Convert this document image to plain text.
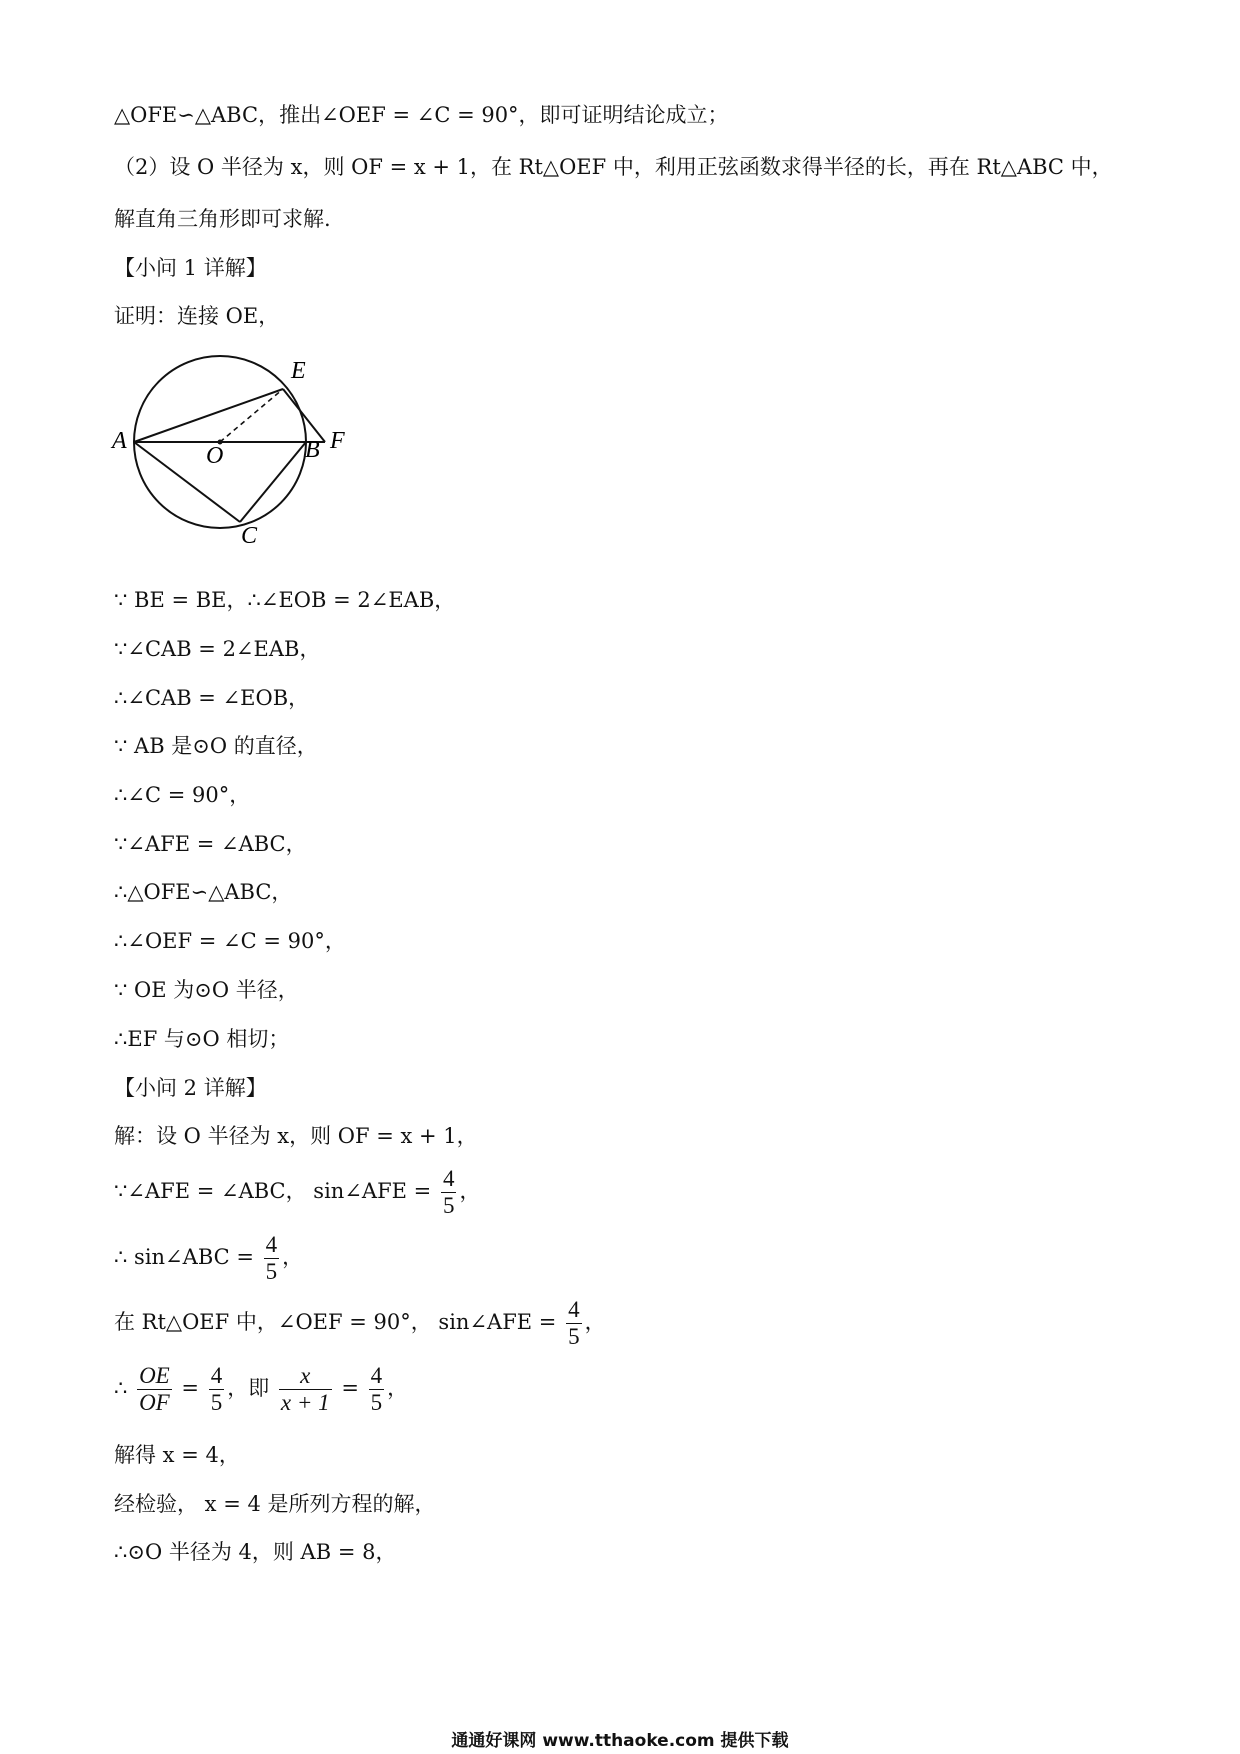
△OFE∽△ABC，推出∠OEF = ∠C = 90°，即可证明结论成立；
（2）设 O 半径为 x，则 OF = x + 1，在 Rt△OEF 中，利用正弦函数求得半径的长，再在 Rt△ABC 中，
解直角三角形即可求解.
【小问 1 详解】
证明：连接 OE，
A
O	B F
E
C
∵ BE = BE，∴∠EOB = 2∠EAB，
∵∠CAB = 2∠EAB，
∴∠CAB = ∠EOB，
∵ AB 是⊙O 的直径，
∴∠C = 90°，
∵∠AFE = ∠ABC，
∴△OFE∽△ABC，
∴∠OEF = ∠C = 90°，
∵ OE 为⊙O 半径，
∴EF 与⊙O 相切；
【小问 2 详解】
解：设 O 半径为 x，则 OF = x + 1，
∵∠AFE = ∠ABC， sin∠AFE = $\frac{4}{5}$ ，
∴ sin∠ABC = $\frac{4}{5}$ ，
在 Rt△OEF 中，∠OEF = 90°， sin∠AFE = $\frac{4}{5}$ ，
∴ $\frac{OE}{OF} = \frac{4}{5}$ ，即 $\frac{x}{x + 1} = \frac{4}{5}$ ，
解得 x = 4，
经检验， x = 4 是所列方程的解，
∴⊙O 半径为 4，则 AB = 8，
通通好课网 www.tthaoke.com 提供下载
